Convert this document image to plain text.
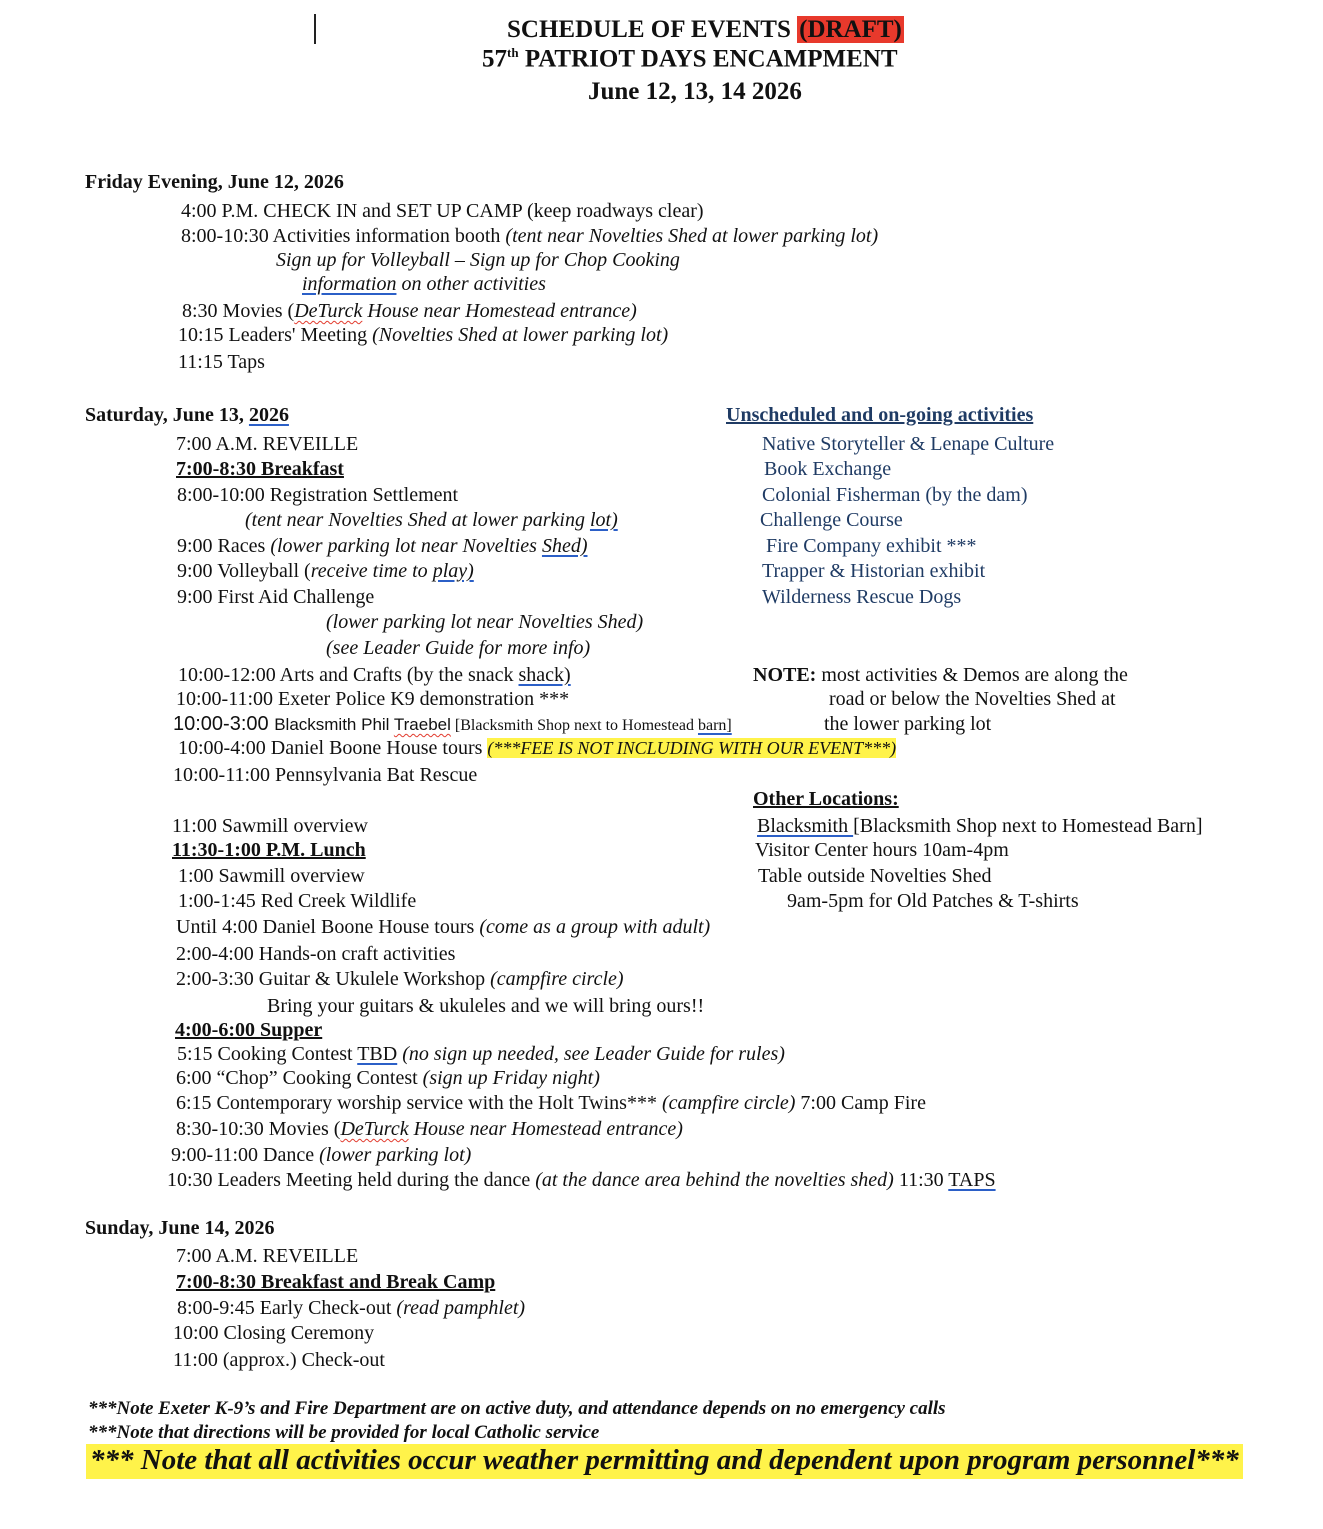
SCHEDULE OF EVENTS (DRAFT)
57th PATRIOT DAYS ENCAMPMENT
June 12, 13, 14 2026
Friday Evening, June 12, 2026
4:00 P.M. CHECK IN and SET UP CAMP (keep roadways clear)
8:00-10:30 Activities information booth (tent near Novelties Shed at lower parking lot)
Sign up for Volleyball – Sign up for Chop Cooking
information on other activities
8:30 Movies (DeTurck House near Homestead entrance)
10:15 Leaders' Meeting (Novelties Shed at lower parking lot)
11:15 Taps
Saturday, June 13, 2026
7:00 A.M. REVEILLE
7:00-8:30 Breakfast
8:00-10:00 Registration Settlement
(tent near Novelties Shed at lower parking lot)
9:00 Races (lower parking lot near Novelties Shed)
9:00 Volleyball (receive time to play)
9:00 First Aid Challenge
(lower parking lot near Novelties Shed)
(see Leader Guide for more info)
10:00-12:00 Arts and Crafts (by the snack shack)
10:00-11:00 Exeter Police K9 demonstration ***
10:00-3:00 Blacksmith Phil Traebel [Blacksmith Shop next to Homestead barn]
10:00-4:00 Daniel Boone House tours (***FEE IS NOT INCLUDING WITH OUR EVENT***)
10:00-11:00 Pennsylvania Bat Rescue
11:00 Sawmill overview
11:30-1:00 P.M. Lunch
1:00 Sawmill overview
1:00-1:45 Red Creek Wildlife
Until 4:00 Daniel Boone House tours (come as a group with adult)
2:00-4:00 Hands-on craft activities
2:00-3:30 Guitar & Ukulele Workshop (campfire circle)
Bring your guitars & ukuleles and we will bring ours!!
4:00-6:00 Supper
5:15 Cooking Contest TBD (no sign up needed, see Leader Guide for rules)
6:00 “Chop” Cooking Contest (sign up Friday night)
6:15 Contemporary worship service with the Holt Twins*** (campfire circle) 7:00 Camp Fire
8:30-10:30 Movies (DeTurck House near Homestead entrance)
9:00-11:00 Dance (lower parking lot)
10:30 Leaders Meeting held during the dance (at the dance area behind the novelties shed) 11:30 TAPS
Unscheduled and on-going activities
Native Storyteller & Lenape Culture
Book Exchange
Colonial Fisherman (by the dam)
Challenge Course
Fire Company exhibit ***
Trapper & Historian exhibit
Wilderness Rescue Dogs
NOTE: most activities & Demos are along the
road or below the Novelties Shed at
the lower parking lot
Other Locations:
Blacksmith [Blacksmith Shop next to Homestead Barn]
Visitor Center hours 10am-4pm
Table outside Novelties Shed
9am-5pm for Old Patches & T-shirts
Sunday, June 14, 2026
7:00 A.M. REVEILLE
7:00-8:30 Breakfast and Break Camp
8:00-9:45 Early Check-out (read pamphlet)
10:00 Closing Ceremony
11:00 (approx.) Check-out
***Note Exeter K-9’s and Fire Department are on active duty, and attendance depends on no emergency calls
***Note that directions will be provided for local Catholic service
*** Note that all activities occur weather permitting and dependent upon program personnel***
